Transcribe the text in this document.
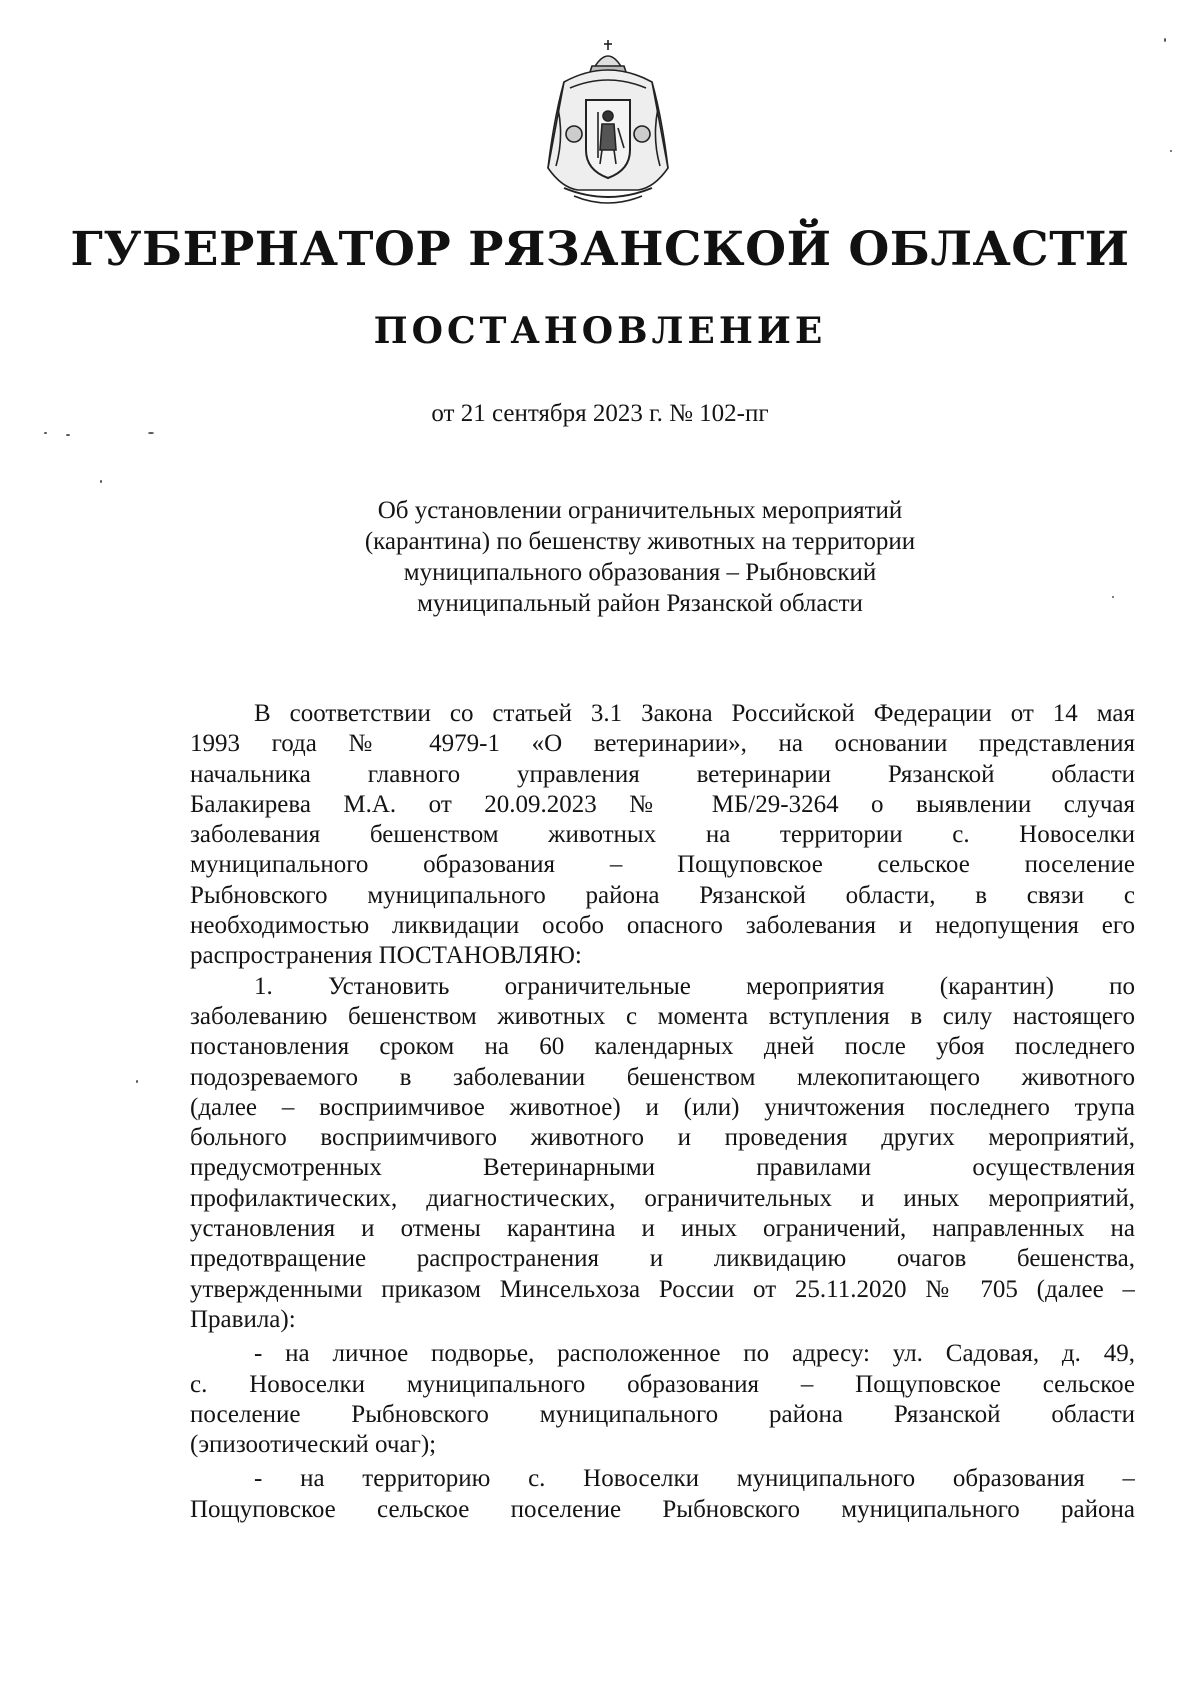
ГУБЕРНАТОР РЯЗАНСКОЙ ОБЛАСТИ
ПОСТАНОВЛЕНИЕ
от 21 сентября 2023 г. № 102-пг
Об установлении ограничительных мероприятий
(карантина) по бешенству животных на территории
муниципального образования – Рыбновский
муниципальный район Рязанской области
В соответствии со статьей 3.1 Закона Российской Федерации от 14 мая
1993 года № 4979-1 «О ветеринарии», на основании представления
начальника главного управления ветеринарии Рязанской области
Балакирева М.А. от 20.09.2023 № МБ/29-3264 о выявлении случая
заболевания бешенством животных на территории с. Новоселки
муниципального образования – Пощуповское сельское поселение
Рыбновского муниципального района Рязанской области, в связи с
необходимостью ликвидации особо опасного заболевания и недопущения его
распространения ПОСТАНОВЛЯЮ:
1. Установить ограничительные мероприятия (карантин) по
заболеванию бешенством животных с момента вступления в силу настоящего
постановления сроком на 60 календарных дней после убоя последнего
подозреваемого в заболевании бешенством млекопитающего животного
(далее – восприимчивое животное) и (или) уничтожения последнего трупа
больного восприимчивого животного и проведения других мероприятий,
предусмотренных Ветеринарными правилами осуществления
профилактических, диагностических, ограничительных и иных мероприятий,
установления и отмены карантина и иных ограничений, направленных на
предотвращение распространения и ликвидацию очагов бешенства,
утвержденными приказом Минсельхоза России от 25.11.2020 № 705 (далее –
Правила):
- на личное подворье, расположенное по адресу: ул. Садовая, д. 49,
с. Новоселки муниципального образования – Пощуповское сельское
поселение Рыбновского муниципального района Рязанской области
(эпизоотический очаг);
- на территорию с. Новоселки муниципального образования –
Пощуповское сельское поселение Рыбновского муниципального района
